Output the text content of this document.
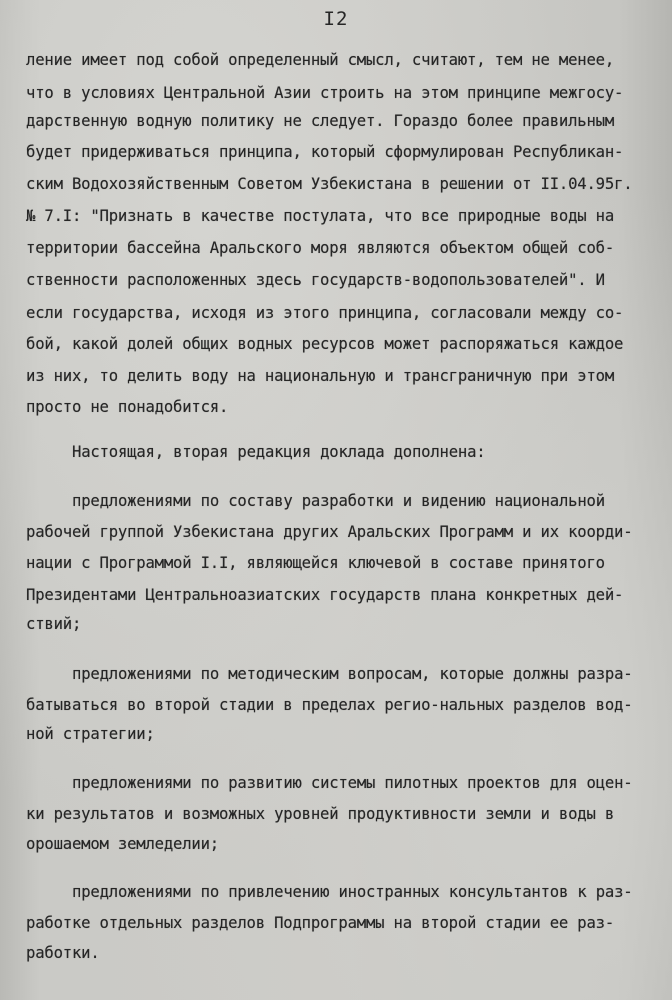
I2
ление имеет под собой определенный смысл, считают, тем не менее,
что в условиях Центральной Азии строить на этом принципе межгосу-
дарственную водную политику не следует. Гораздо более правильным
будет придерживаться принципа, который сформулирован Республикан-
ским Водохозяйственным Советом Узбекистана в решении от II.04.95г.
№ 7.I: "Признать в качестве постулата, что все природные воды на
территории бассейна Аральского моря являются объектом общей соб-
ственности расположенных здесь государств-водопользователей". И
если государства, исходя из этого принципа, согласовали между со-
бой, какой долей общих водных ресурсов может распоряжаться каждое
из них, то делить воду на национальную и трансграничную при этом
просто не понадобится.
Настоящая, вторая редакция доклада дополнена:
предложениями по составу разработки и видению национальной
рабочей группой Узбекистана других Аральских Программ и их коорди-
нации с Программой I.I, являющейся ключевой в составе принятого
Президентами Центральноазиатских государств плана конкретных дей-
ствий;
предложениями по методическим вопросам, которые должны разра-
батываться во второй стадии в пределах регио-нальных разделов вод-
ной стратегии;
предложениями по развитию системы пилотных проектов для оцен-
ки результатов и возможных уровней продуктивности земли и воды в
орошаемом земледелии;
предложениями по привлечению иностранных консультантов к раз-
работке отдельных разделов Подпрограммы на второй стадии ее раз-
работки.
